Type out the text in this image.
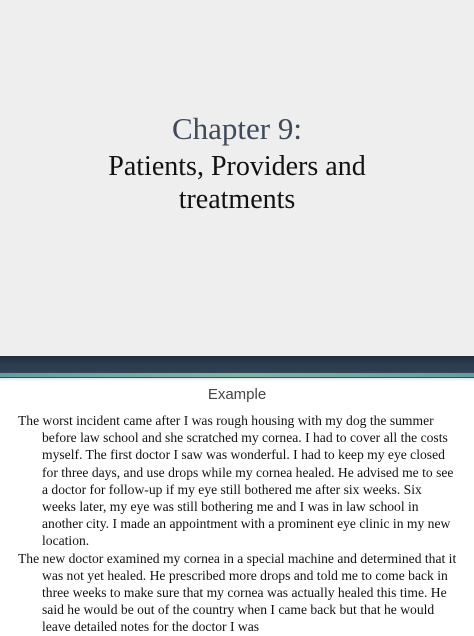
Chapter 9:
Patients, Providers and
treatments
Example

The worst incident came after I was rough housing with my dog the summer before law school and she scratched my cornea. I had to cover all the costs myself. The first doctor I saw was wonderful. I had to keep my eye closed for three days, and use drops while my cornea healed. He advised me to see a doctor for follow-up if my eye still bothered me after six weeks. Six weeks later, my eye was still bothering me and I was in law school in another city. I made an appointment with a prominent eye clinic in my new location.

The new doctor examined my cornea in a special machine and determined that it was not yet healed. He prescribed more drops and told me to come back in three weeks to make sure that my cornea was actually healed this time. He said he would be out of the country when I came back but that he would leave detailed notes for the doctor I was
